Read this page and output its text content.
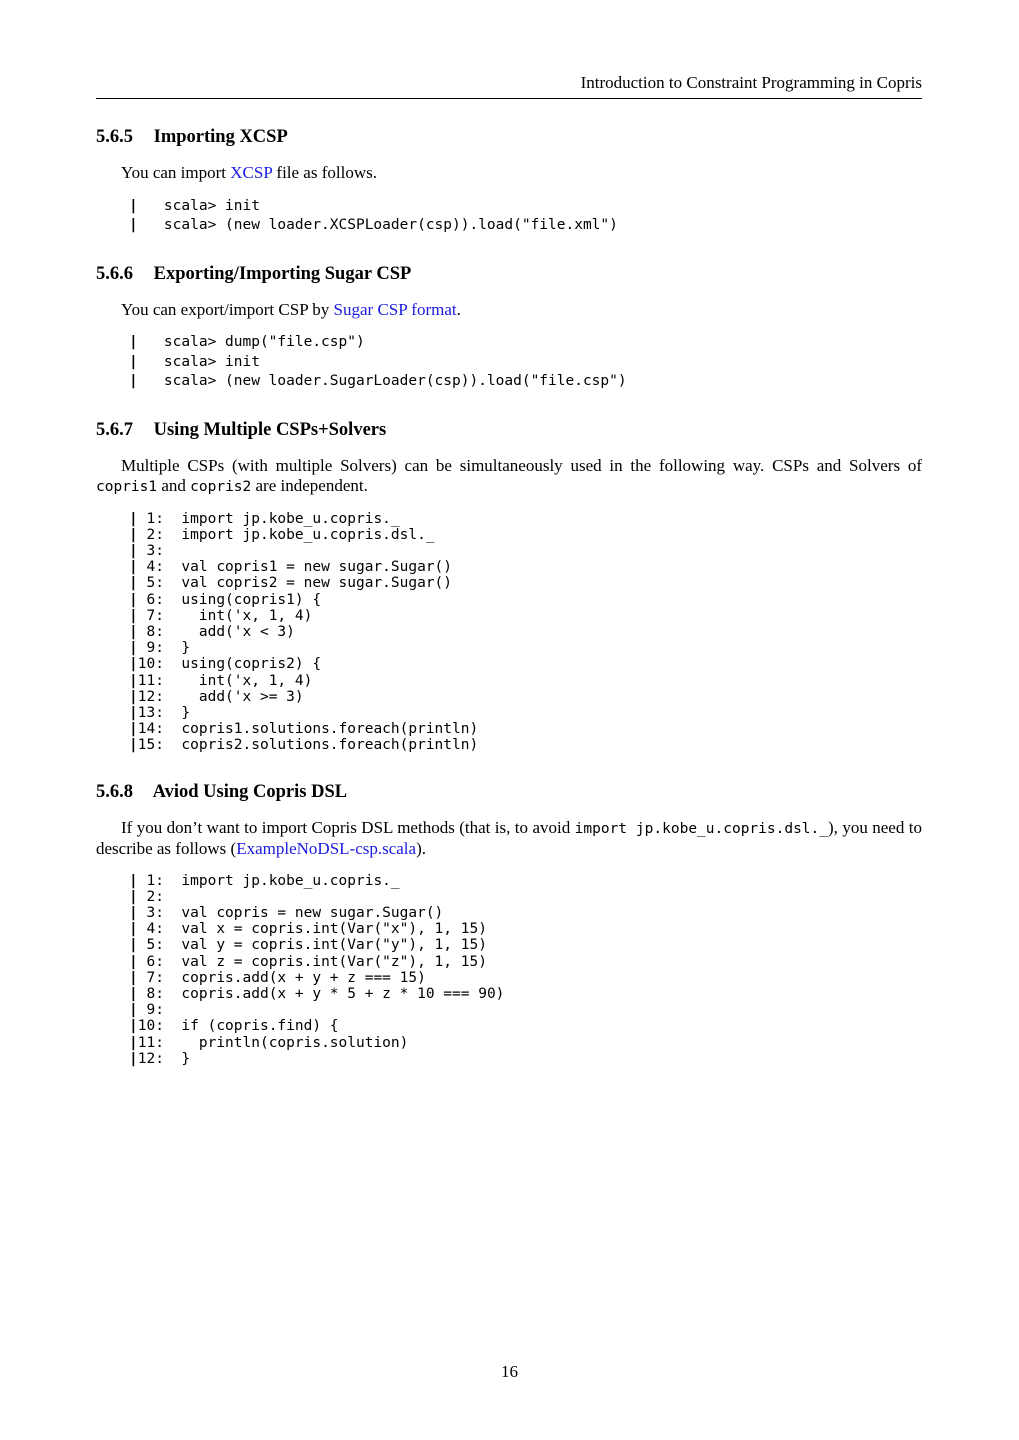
Introduction to Constraint Programming in Copris
5.6.5 Importing XCSP

You can import XCSP file as follows.

|   scala> init
|   scala> (new loader.XCSPLoader(csp)).load("file.xml")
5.6.6 Exporting/Importing Sugar CSP

You can export/import CSP by Sugar CSP format.

|   scala> dump("file.csp")
|   scala> init
|   scala> (new loader.SugarLoader(csp)).load("file.csp")
5.6.7 Using Multiple CSPs+Solvers

Multiple CSPs (with multiple Solvers) can be simultaneously used in the following way. CSPs and Solvers of copris1 and copris2 are independent.

| 1:  import jp.kobe_u.copris._
| 2:  import jp.kobe_u.copris.dsl._
| 3:
| 4:  val copris1 = new sugar.Sugar()
| 5:  val copris2 = new sugar.Sugar()
| 6:  using(copris1) {
| 7:    int('x, 1, 4)
| 8:    add('x < 3)
| 9:  }
|10:  using(copris2) {
|11:    int('x, 1, 4)
|12:    add('x >= 3)
|13:  }
|14:  copris1.solutions.foreach(println)
|15:  copris2.solutions.foreach(println)
5.6.8 Aviod Using Copris DSL

If you don’t want to import Copris DSL methods (that is, to avoid import jp.kobe_u.copris.dsl._), you need to describe as follows (ExampleNoDSL-csp.scala).

| 1:  import jp.kobe_u.copris._
| 2:
| 3:  val copris = new sugar.Sugar()
| 4:  val x = copris.int(Var("x"), 1, 15)
| 5:  val y = copris.int(Var("y"), 1, 15)
| 6:  val z = copris.int(Var("z"), 1, 15)
| 7:  copris.add(x + y + z === 15)
| 8:  copris.add(x + y * 5 + z * 10 === 90)
| 9:
|10:  if (copris.find) {
|11:    println(copris.solution)
|12:  }
16
